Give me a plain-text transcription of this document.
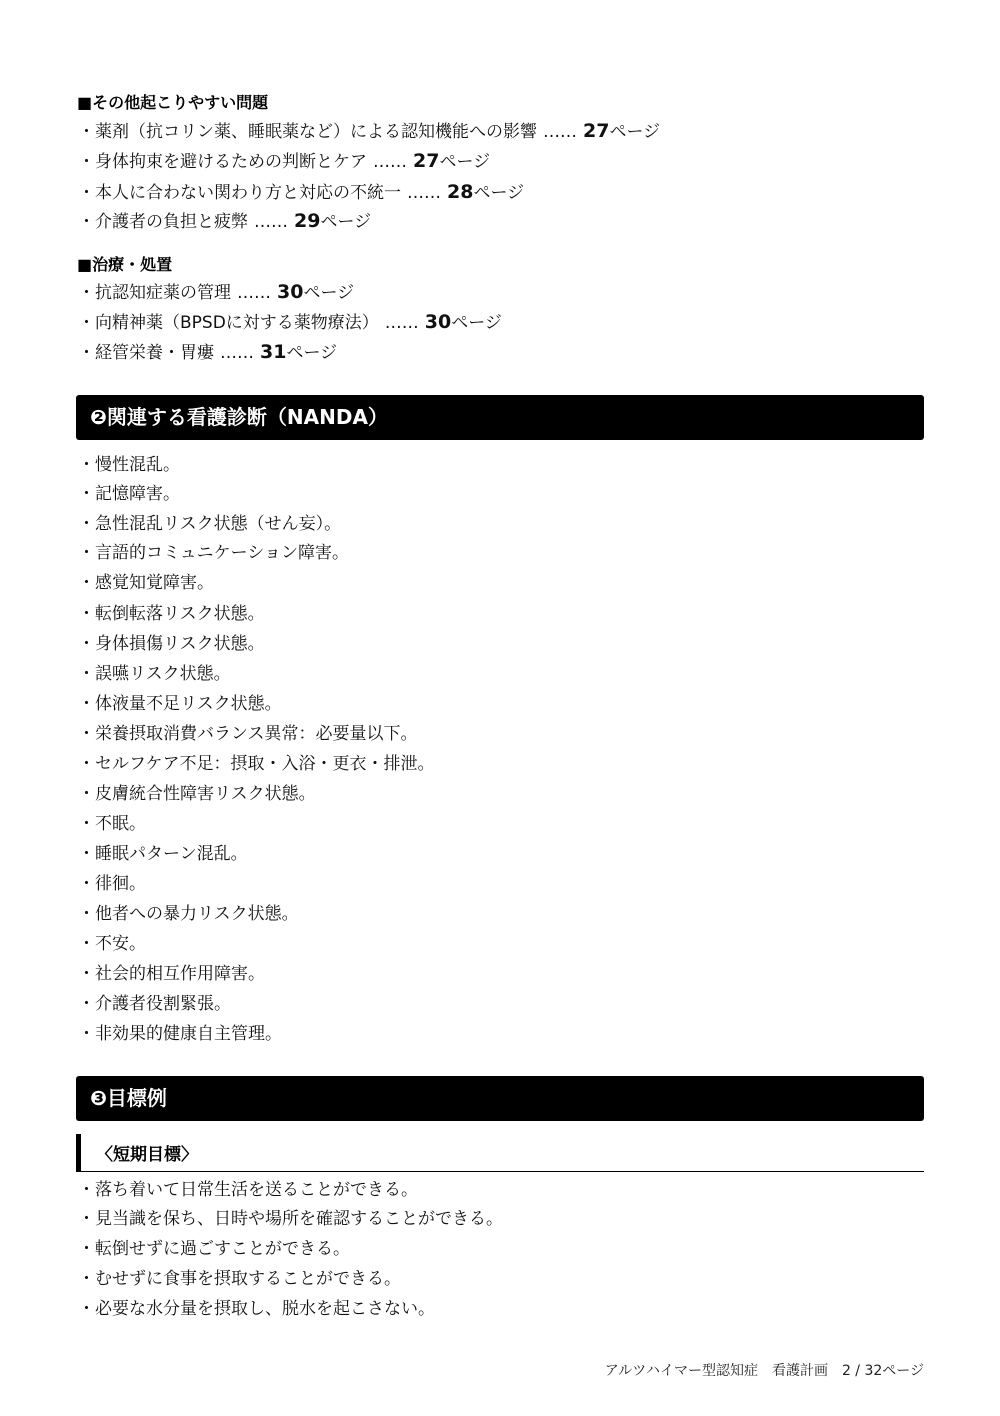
■その他起こりやすい問題
・薬剤（抗コリン薬、睡眠薬など）による認知機能への影響 …… 27ページ
・身体拘束を避けるための判断とケア …… 27ページ
・本人に合わない関わり方と対応の不統一 …… 28ページ
・介護者の負担と疲弊 …… 29ページ
■治療・処置
・抗認知症薬の管理 …… 30ページ
・向精神薬（BPSDに対する薬物療法） …… 30ページ
・経管栄養・胃瘻 …… 31ページ
❷関連する看護診断（NANDA）
・慢性混乱。
・記憶障害。
・急性混乱リスク状態（せん妄）。
・言語的コミュニケーション障害。
・感覚知覚障害。
・転倒転落リスク状態。
・身体損傷リスク状態。
・誤嚥リスク状態。
・体液量不足リスク状態。
・栄養摂取消費バランス異常：必要量以下。
・セルフケア不足：摂取・入浴・更衣・排泄。
・皮膚統合性障害リスク状態。
・不眠。
・睡眠パターン混乱。
・徘徊。
・他者への暴力リスク状態。
・不安。
・社会的相互作用障害。
・介護者役割緊張。
・非効果的健康自主管理。
❸目標例
〈短期目標〉
・落ち着いて日常生活を送ることができる。
・見当識を保ち、日時や場所を確認することができる。
・転倒せずに過ごすことができる。
・むせずに食事を摂取することができる。
・必要な水分量を摂取し、脱水を起こさない。
アルツハイマー型認知症　看護計画　2 / 32ページ
